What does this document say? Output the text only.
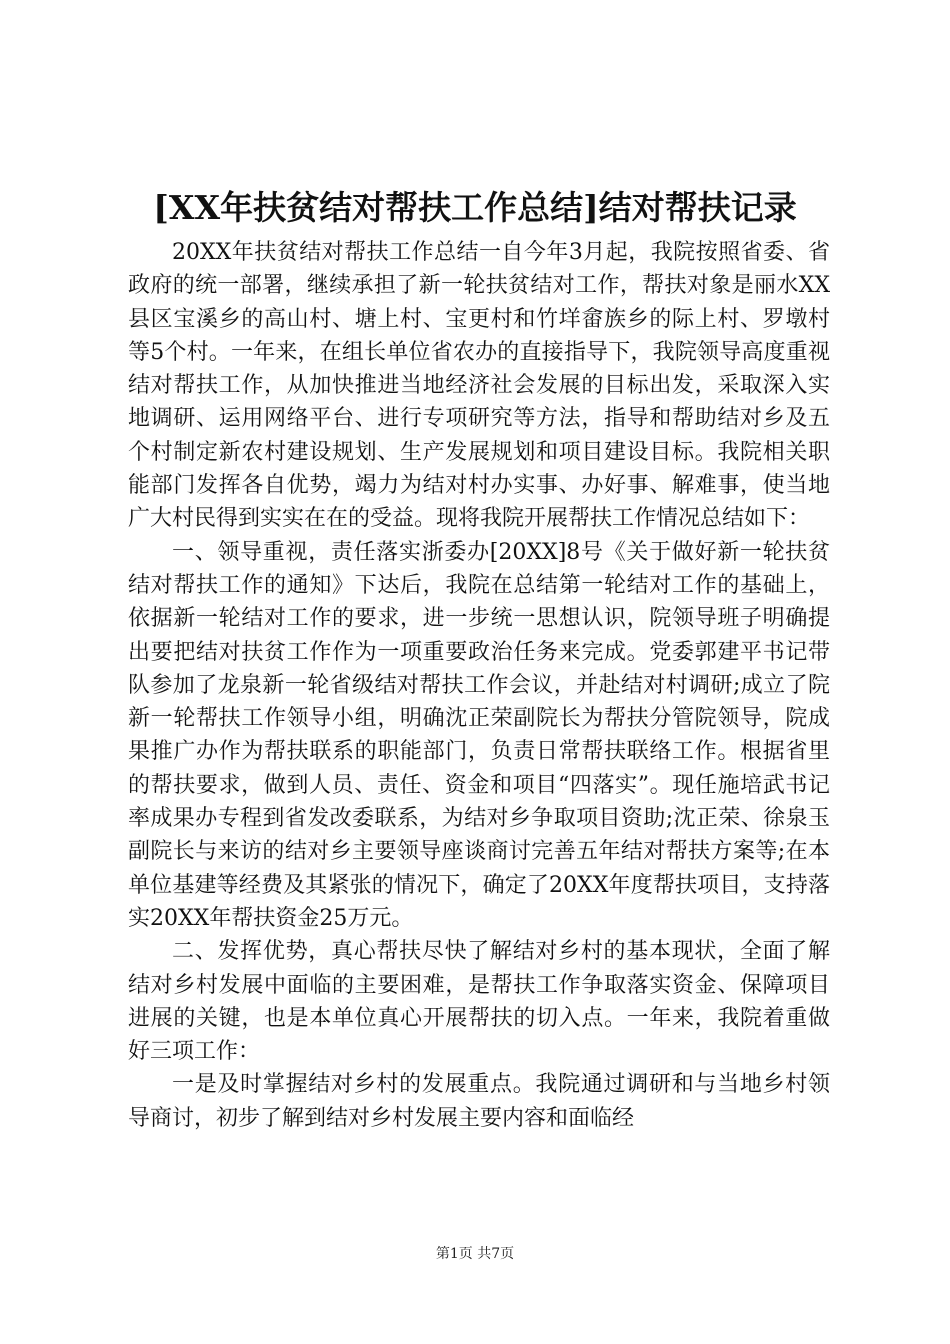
[XX年扶贫结对帮扶工作总结]结对帮扶记录

20XX年扶贫结对帮扶工作总结一自今年3月起，我院按照省委、省政府的统一部署，继续承担了新一轮扶贫结对工作，帮扶对象是丽水XX县区宝溪乡的高山村、塘上村、宝更村和竹垟畲族乡的际上村、罗墩村等5个村。一年来，在组长单位省农办的直接指导下，我院领导高度重视结对帮扶工作，从加快推进当地经济社会发展的目标出发，采取深入实地调研、运用网络平台、进行专项研究等方法，指导和帮助结对乡及五个村制定新农村建设规划、生产发展规划和项目建设目标。我院相关职能部门发挥各自优势，竭力为结对村办实事、办好事、解难事，使当地广大村民得到实实在在的受益。现将我院开展帮扶工作情况总结如下：

一、领导重视，责任落实浙委办[20XX]8号《关于做好新一轮扶贫结对帮扶工作的通知》下达后，我院在总结第一轮结对工作的基础上，依据新一轮结对工作的要求，进一步统一思想认识，院领导班子明确提出要把结对扶贫工作作为一项重要政治任务来完成。党委郭建平书记带队参加了龙泉新一轮省级结对帮扶工作会议，并赴结对村调研;成立了院新一轮帮扶工作领导小组，明确沈正荣副院长为帮扶分管院领导，院成果推广办作为帮扶联系的职能部门，负责日常帮扶联络工作。根据省里的帮扶要求，做到人员、责任、资金和项目“四落实”。现任施培武书记率成果办专程到省发改委联系，为结对乡争取项目资助;沈正荣、徐泉玉副院长与来访的结对乡主要领导座谈商讨完善五年结对帮扶方案等;在本单位基建等经费及其紧张的情况下，确定了20XX年度帮扶项目，支持落实20XX年帮扶资金25万元。

二、发挥优势，真心帮扶尽快了解结对乡村的基本现状，全面了解结对乡村发展中面临的主要困难，是帮扶工作争取落实资金、保障项目进展的关键，也是本单位真心开展帮扶的切入点。一年来，我院着重做好三项工作：

一是及时掌握结对乡村的发展重点。我院通过调研和与当地乡村领导商讨，初步了解到结对乡村发展主要内容和面临经

第1页 共7页
